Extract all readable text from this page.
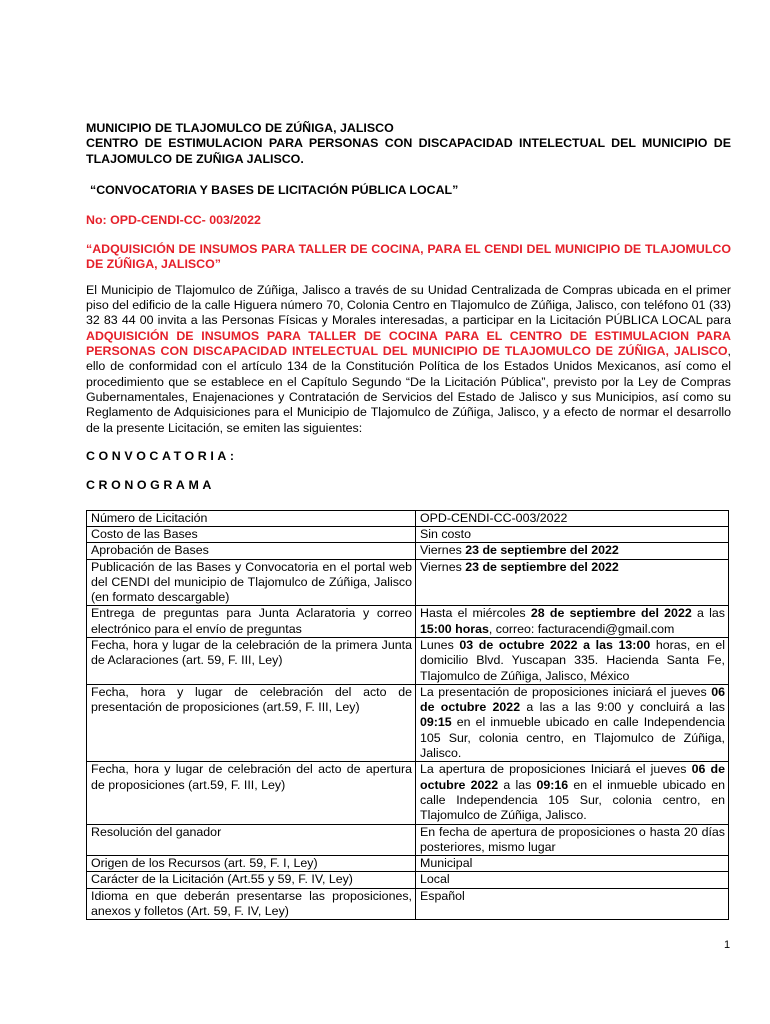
MUNICIPIO DE TLAJOMULCO DE ZÚÑIGA, JALISCO
CENTRO DE ESTIMULACION PARA PERSONAS CON DISCAPACIDAD INTELECTUAL DEL MUNICIPIO DE TLAJOMULCO DE ZUÑIGA JALISCO.
“CONVOCATORIA Y BASES DE LICITACIÓN PÚBLICA LOCAL”
No: OPD-CENDI-CC- 003/2022
“ADQUISICIÓN DE INSUMOS PARA TALLER DE COCINA, PARA EL CENDI DEL MUNICIPIO DE TLAJOMULCO DE ZÚÑIGA, JALISCO”
El Municipio de Tlajomulco de Zúñiga, Jalisco a través de su Unidad Centralizada de Compras ubicada en el primer piso del edificio de la calle Higuera número 70, Colonia Centro en Tlajomulco de Zúñiga, Jalisco, con teléfono 01 (33) 32 83 44 00 invita a las Personas Físicas y Morales interesadas, a participar en la Licitación PÚBLICA LOCAL para ADQUISICIÓN DE INSUMOS PARA TALLER DE COCINA PARA EL CENTRO DE ESTIMULACION PARA PERSONAS CON DISCAPACIDAD INTELECTUAL DEL MUNICIPIO DE TLAJOMULCO DE ZÚÑIGA, JALISCO, ello de conformidad con el artículo 134 de la Constitución Política de los Estados Unidos Mexicanos, así como el procedimiento que se establece en el Capítulo Segundo “De la Licitación Pública”, previsto por la Ley de Compras Gubernamentales, Enajenaciones y Contratación de Servicios del Estado de Jalisco y sus Municipios, así como su Reglamento de Adquisiciones para el Municipio de Tlajomulco de Zúñiga, Jalisco, y a efecto de normar el desarrollo de la presente Licitación, se emiten las siguientes:
CONVOCATORIA:
CRONOGRAMA
Número de Licitación	OPD-CENDI-CC-003/2022
Costo de las Bases	Sin costo
Aprobación de Bases	Viernes 23 de septiembre del 2022
Publicación de las Bases y Convocatoria en el portal web del CENDI del municipio de Tlajomulco de Zúñiga, Jalisco (en formato descargable)	Viernes 23 de septiembre del 2022
Entrega de preguntas para Junta Aclaratoria y correo electrónico para el envío de preguntas	Hasta el miércoles 28 de septiembre del 2022 a las 15:00 horas, correo: facturacendi@gmail.com
Fecha, hora y lugar de la celebración de la primera Junta de Aclaraciones (art. 59, F. III, Ley)	Lunes 03 de octubre 2022 a las 13:00 horas, en el domicilio Blvd. Yuscapan 335. Hacienda Santa Fe, Tlajomulco de Zúñiga, Jalisco, México
Fecha, hora y lugar de celebración del acto de presentación de proposiciones (art.59, F. III, Ley)	La presentación de proposiciones iniciará el jueves 06 de octubre 2022 a las a las 9:00 y concluirá a las 09:15 en el inmueble ubicado en calle Independencia 105 Sur, colonia centro, en Tlajomulco de Zúñiga, Jalisco.
Fecha, hora y lugar de celebración del acto de apertura de proposiciones (art.59, F. III, Ley)	La apertura de proposiciones Iniciará el jueves 06 de octubre 2022 a las 09:16 en el inmueble ubicado en calle Independencia 105 Sur, colonia centro, en Tlajomulco de Zúñiga, Jalisco.
Resolución del ganador	En fecha de apertura de proposiciones o hasta 20 días posteriores, mismo lugar
Origen de los Recursos (art. 59, F. I, Ley)	Municipal
Carácter de la Licitación (Art.55 y 59, F. IV, Ley)	Local
Idioma en que deberán presentarse las proposiciones, anexos y folletos (Art. 59, F. IV, Ley)	Español
1
